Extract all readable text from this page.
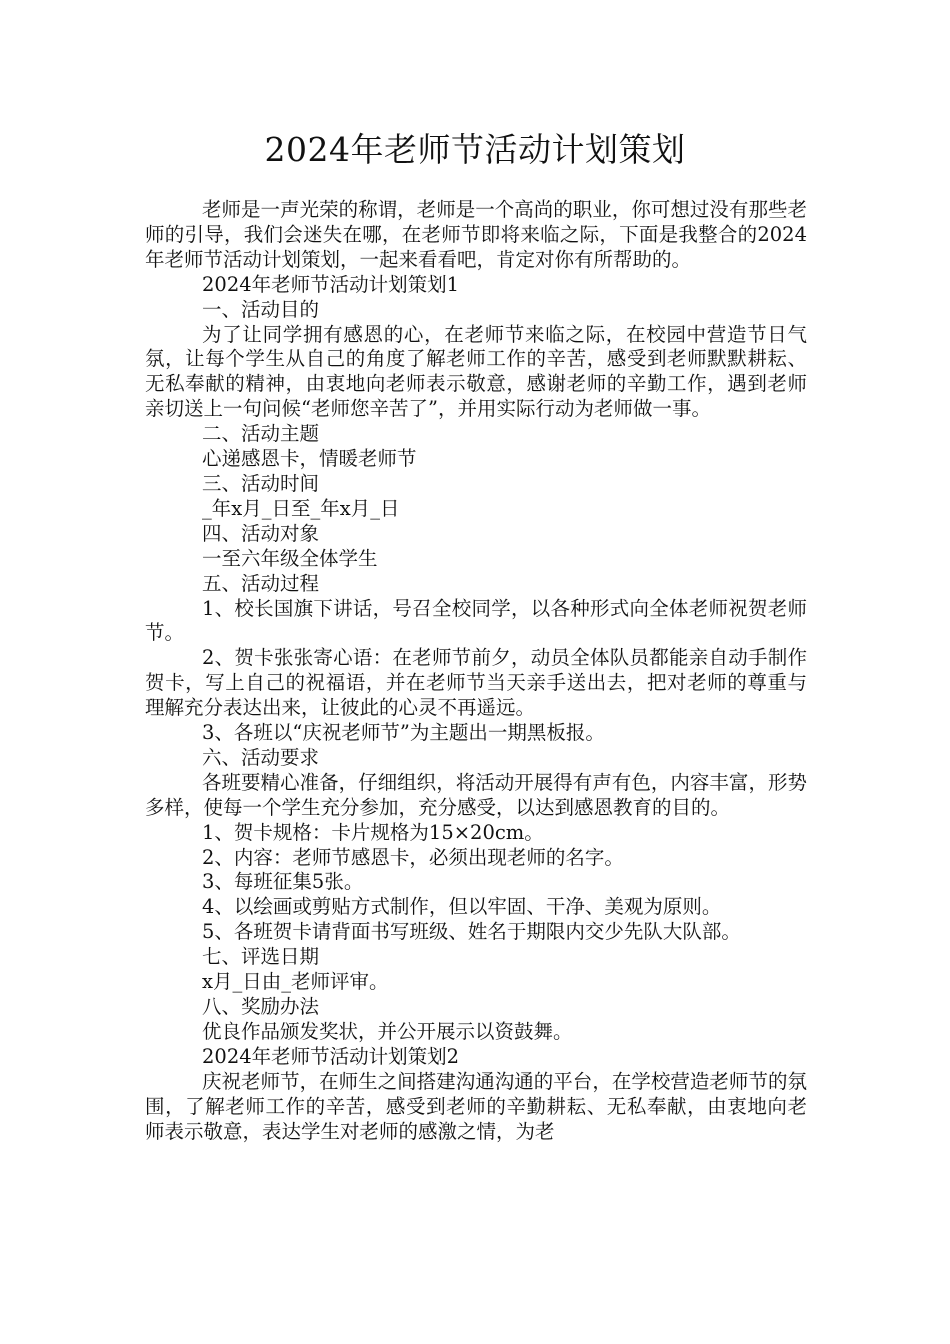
2024年老师节活动计划策划

老师是一声光荣的称谓，老师是一个高尚的职业，你可想过没有那些老师的引导，我们会迷失在哪，在老师节即将来临之际，下面是我整合的2024年老师节活动计划策划，一起来看看吧，肯定对你有所帮助的。

2024年老师节活动计划策划1

一、活动目的

为了让同学拥有感恩的心，在老师节来临之际，在校园中营造节日气氛，让每个学生从自己的角度了解老师工作的辛苦，感受到老师默默耕耘、无私奉献的精神，由衷地向老师表示敬意，感谢老师的辛勤工作，遇到老师亲切送上一句问候“老师您辛苦了”，并用实际行动为老师做一事。

二、活动主题

心递感恩卡，情暖老师节

三、活动时间

_年x月_日至_年x月_日

四、活动对象

一至六年级全体学生

五、活动过程

1、校长国旗下讲话，号召全校同学，以各种形式向全体老师祝贺老师节。

2、贺卡张张寄心语：在老师节前夕，动员全体队员都能亲自动手制作贺卡，写上自己的祝福语，并在老师节当天亲手送出去，把对老师的尊重与理解充分表达出来，让彼此的心灵不再遥远。

3、各班以“庆祝老师节”为主题出一期黑板报。

六、活动要求

各班要精心准备，仔细组织，将活动开展得有声有色，内容丰富，形势多样，使每一个学生充分参加，充分感受，以达到感恩教育的目的。

1、贺卡规格：卡片规格为15×20cm。

2、内容：老师节感恩卡，必须出现老师的名字。

3、每班征集5张。

4、以绘画或剪贴方式制作，但以牢固、干净、美观为原则。

5、各班贺卡请背面书写班级、姓名于期限内交少先队大队部。

七、评选日期

x月_日由_老师评审。

八、奖励办法

优良作品颁发奖状，并公开展示以资鼓舞。

2024年老师节活动计划策划2

庆祝老师节，在师生之间搭建沟通沟通的平台，在学校营造老师节的氛围，了解老师工作的辛苦，感受到老师的辛勤耕耘、无私奉献，由衷地向老师表示敬意，表达学生对老师的感激之情，为老
